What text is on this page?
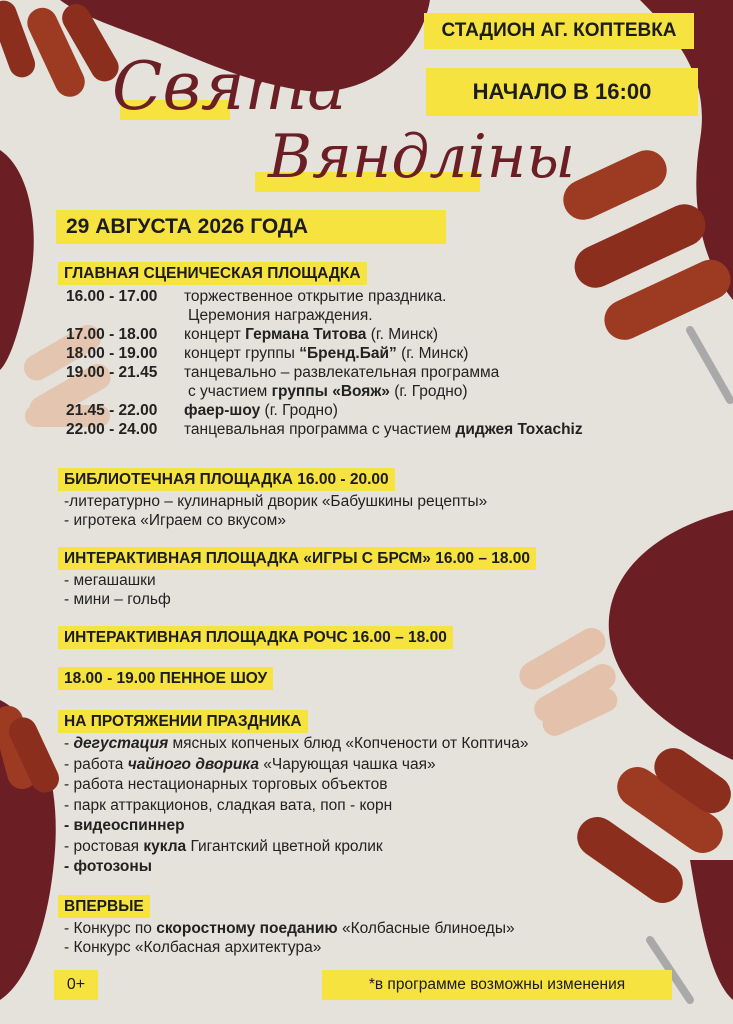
СТАДИОН АГ. КОПТЕВКА
НАЧАЛО В 16:00
Свята
Вяндліны
29 АВГУСТА 2026 ГОДА
ГЛАВНАЯ СЦЕНИЧЕСКАЯ ПЛОЩАДКА
16.00 - 17.00 торжественное открытие праздника.
Церемония награждения.
17.00 - 18.00 концерт Германа Титова (г. Минск)
18.00 - 19.00 концерт группы “Бренд.Бай” (г. Минск)
19.00 - 21.45 танцевально – развлекательная программа
с участием группы «Вояж» (г. Гродно)
21.45 - 22.00 фаер-шоу (г. Гродно)
22.00 - 24.00 танцевальная программа с участием диджея Toxachiz
БИБЛИОТЕЧНАЯ ПЛОЩАДКА 16.00 - 20.00
-литературно – кулинарный дворик «Бабушкины рецепты»
- игротека «Играем со вкусом»
ИНТЕРАКТИВНАЯ ПЛОЩАДКА «ИГРЫ С БРСМ» 16.00 – 18.00
- мегашашки
- мини – гольф
ИНТЕРАКТИВНАЯ ПЛОЩАДКА РОЧС 16.00 – 18.00
18.00 - 19.00 ПЕННОЕ ШОУ
НА ПРОТЯЖЕНИИ ПРАЗДНИКА
- дегустация мясных копченых блюд «Копчености от Коптича»
- работа чайного дворика «Чарующая чашка чая»
- работа нестационарных торговых объектов
- парк аттракционов, сладкая вата, поп - корн
- видеоспиннер
- ростовая кукла Гигантский цветной кролик
- фотозоны
ВПЕРВЫЕ
- Конкурс по скоростному поеданию «Колбасные блиноеды»
- Конкурс «Колбасная архитектура»
0+	*в программе возможны изменения
